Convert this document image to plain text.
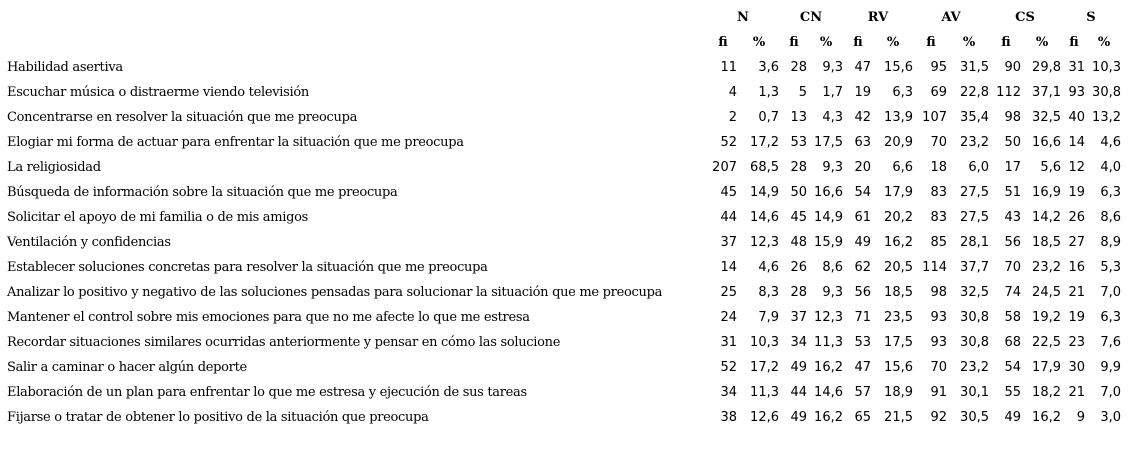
	N		CN		RV		AV		CS		S	
	fi	%	fi	%	fi	%	fi	%	fi	%	fi	%
Habilidad asertiva	11	3,6	28	9,3	47	15,6	95	31,5	90	29,8	31	10,3
Escuchar música o distraerme viendo televisión	4	1,3	5	1,7	19	6,3	69	22,8	112	37,1	93	30,8
Concentrarse en resolver la situación que me preocupa	2	0,7	13	4,3	42	13,9	107	35,4	98	32,5	40	13,2
Elogiar mi forma de actuar para enfrentar la situación que me preocupa	52	17,2	53	17,5	63	20,9	70	23,2	50	16,6	14	4,6
La religiosidad	207	68,5	28	9,3	20	6,6	18	6,0	17	5,6	12	4,0
Búsqueda de información sobre la situación que me preocupa	45	14,9	50	16,6	54	17,9	83	27,5	51	16,9	19	6,3
Solicitar el apoyo de mi familia o de mis amigos	44	14,6	45	14,9	61	20,2	83	27,5	43	14,2	26	8,6
Ventilación y confidencias	37	12,3	48	15,9	49	16,2	85	28,1	56	18,5	27	8,9
Establecer soluciones concretas para resolver la situación que me preocupa	14	4,6	26	8,6	62	20,5	114	37,7	70	23,2	16	5,3
Analizar lo positivo y negativo de las soluciones pensadas para solucionar la situación que me preocupa	25	8,3	28	9,3	56	18,5	98	32,5	74	24,5	21	7,0
Mantener el control sobre mis emociones para que no me afecte lo que me estresa	24	7,9	37	12,3	71	23,5	93	30,8	58	19,2	19	6,3
Recordar situaciones similares ocurridas anteriormente y pensar en cómo las solucione	31	10,3	34	11,3	53	17,5	93	30,8	68	22,5	23	7,6
Salir a caminar o hacer algún deporte	52	17,2	49	16,2	47	15,6	70	23,2	54	17,9	30	9,9
Elaboración de un plan para enfrentar lo que me estresa y ejecución de sus tareas	34	11,3	44	14,6	57	18,9	91	30,1	55	18,2	21	7,0
Fijarse o tratar de obtener lo positivo de la situación que preocupa	38	12,6	49	16,2	65	21,5	92	30,5	49	16,2	9	3,0
